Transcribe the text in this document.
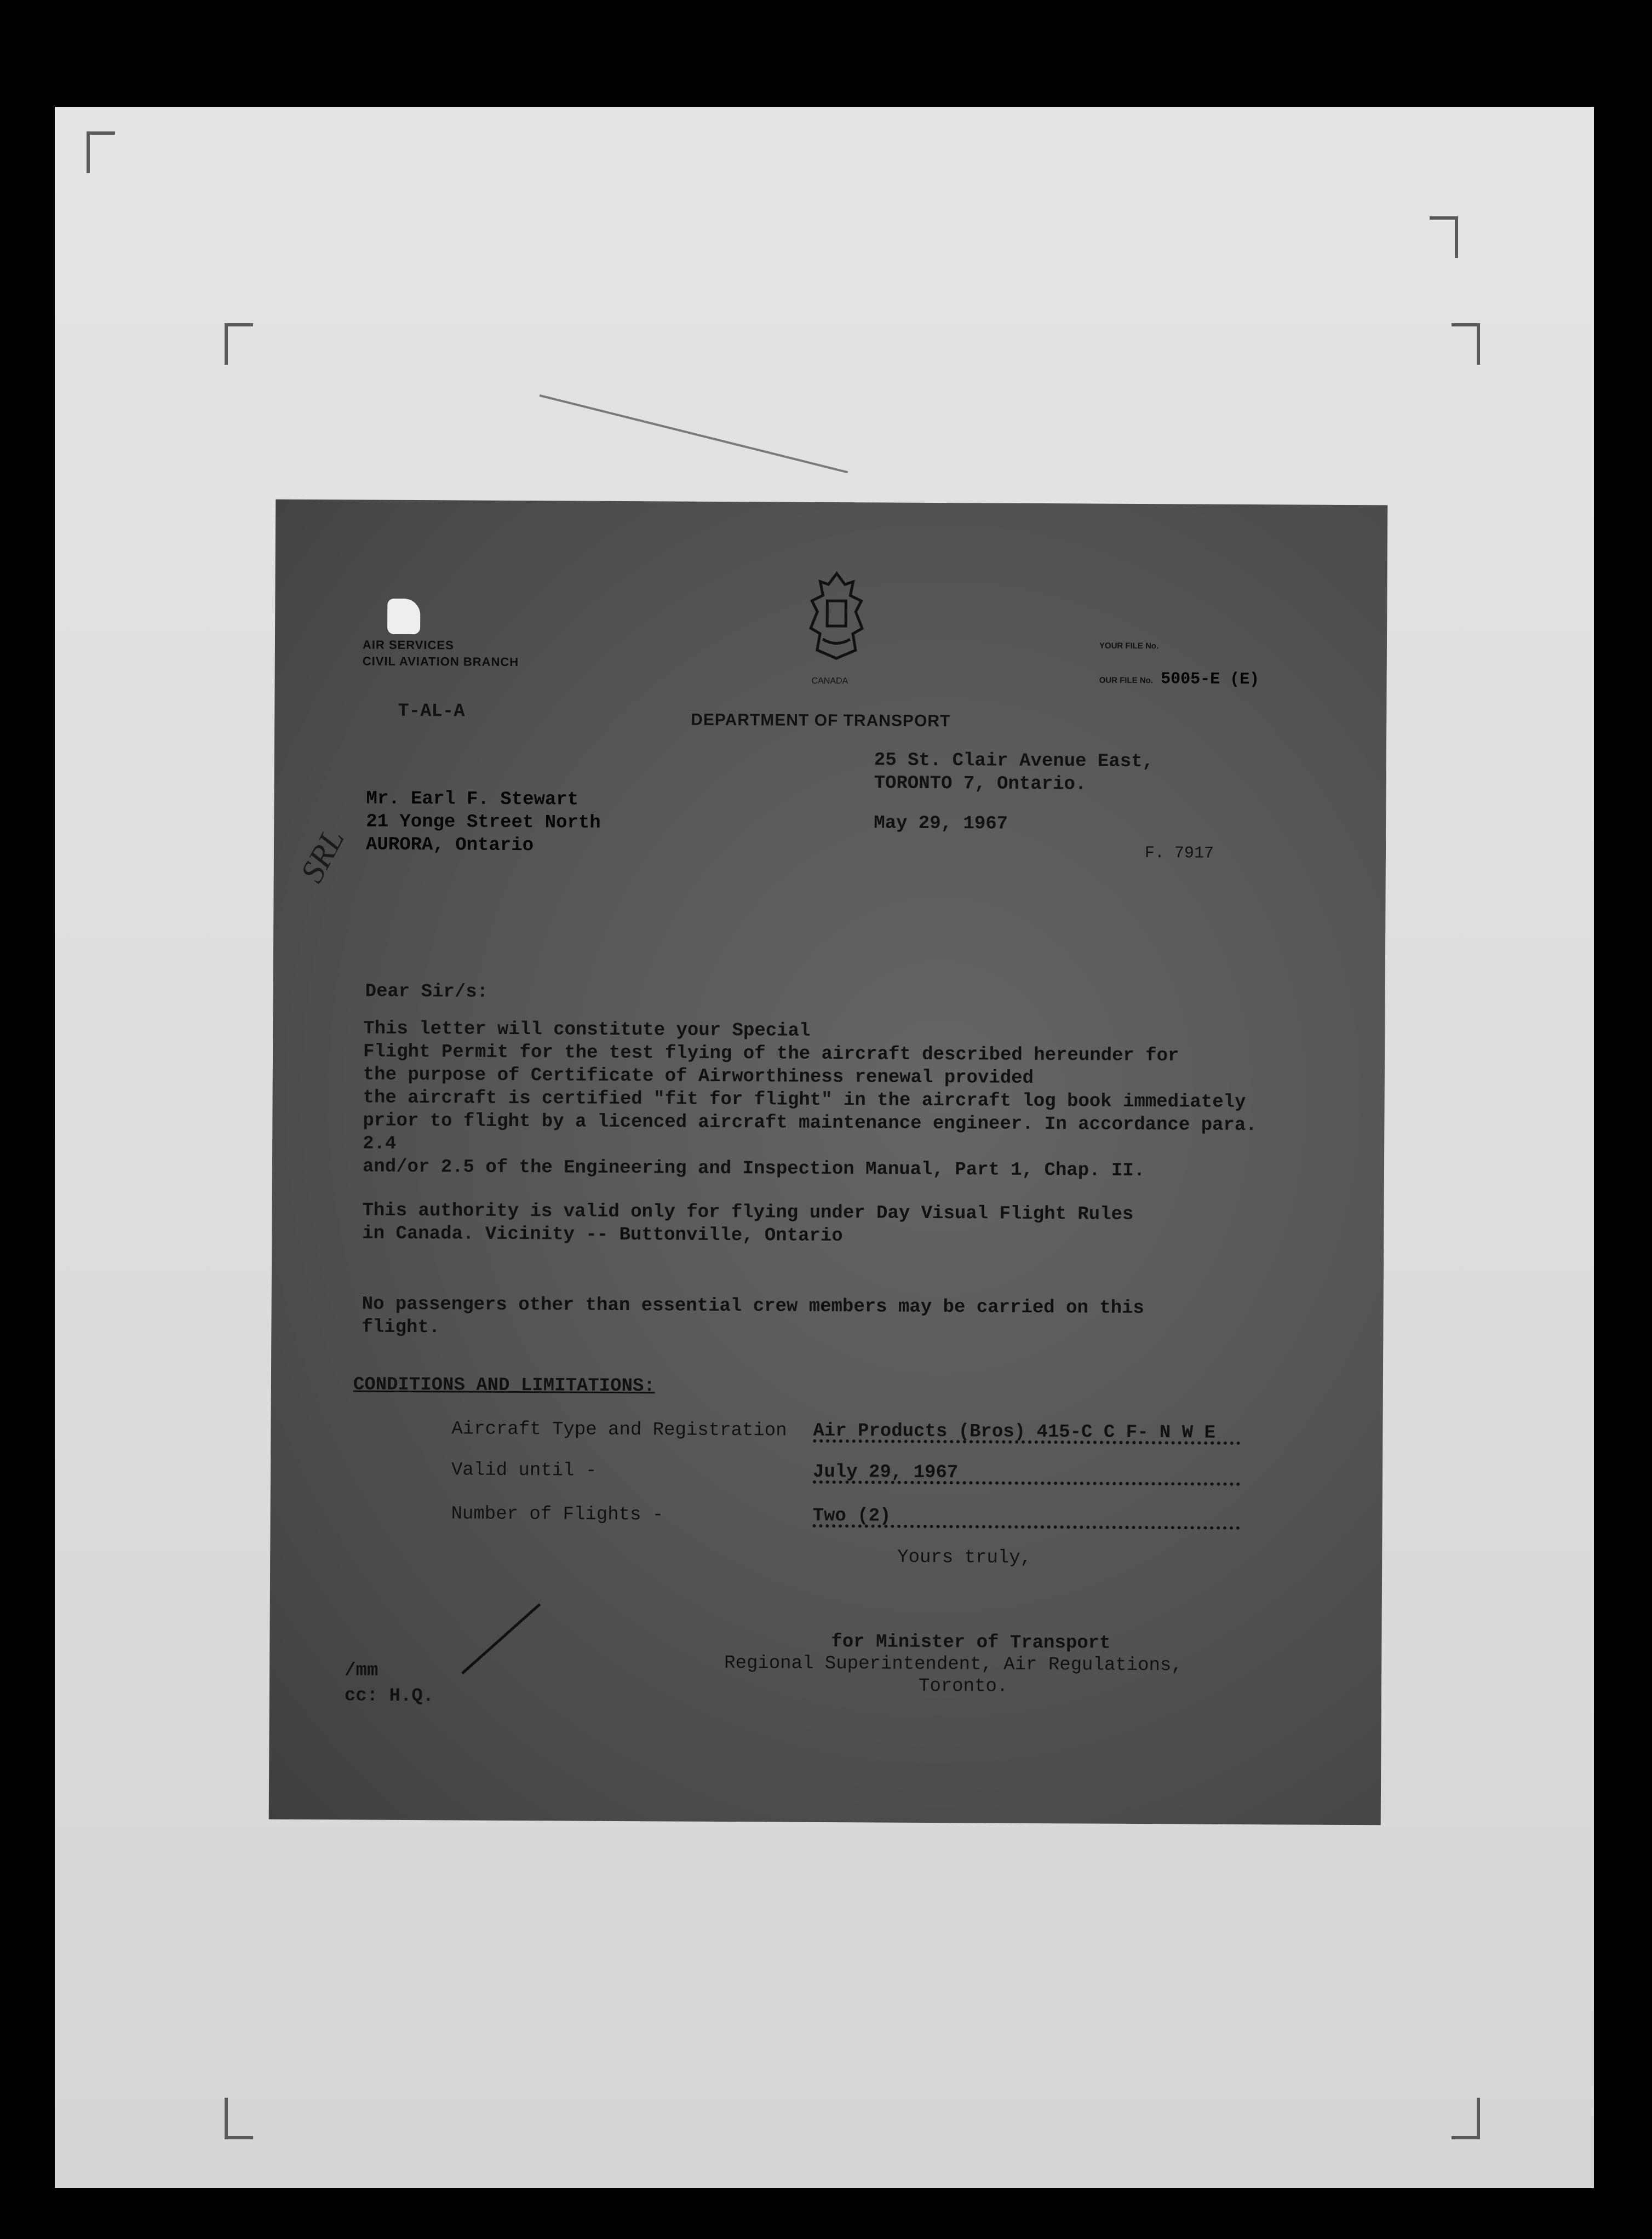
AIR SERVICES
CIVIL AVIATION BRANCH
T-AL-A
CANADA
DEPARTMENT OF TRANSPORT
YOUR FILE No.
OUR FILE No. 5005-E (E)
25 St. Clair Avenue East,
TORONTO 7, Ontario.
May 29, 1967
Mr. Earl F. Stewart
21 Yonge Street North
AURORA, Ontario	F. 7917
SRL
Dear Sir/s:

This letter will constitute your Special
Flight Permit for the test flying of the aircraft described hereunder for
the purpose of Certificate of Airworthiness renewal provided
the aircraft is certified "fit for flight" in the aircraft log book immediately
prior to flight by a licenced aircraft maintenance engineer. In accordance para. 2.4
and/or 2.5 of the Engineering and Inspection Manual, Part 1, Chap. II.

This authority is valid only for flying under Day Visual Flight Rules
in Canada. Vicinity -- Buttonville, Ontario

No passengers other than essential crew members may be carried on this
flight.

CONDITIONS AND LIMITATIONS:
Aircraft Type and Registration	Air Products (Bros) 415-C C F- N W E
Valid until -	July 29, 1967
Number of Flights -	Two (2)
Yours truly,
for Minister of Transport
Regional Superintendent, Air Regulations,
Toronto.
/mm
cc: H.Q.
